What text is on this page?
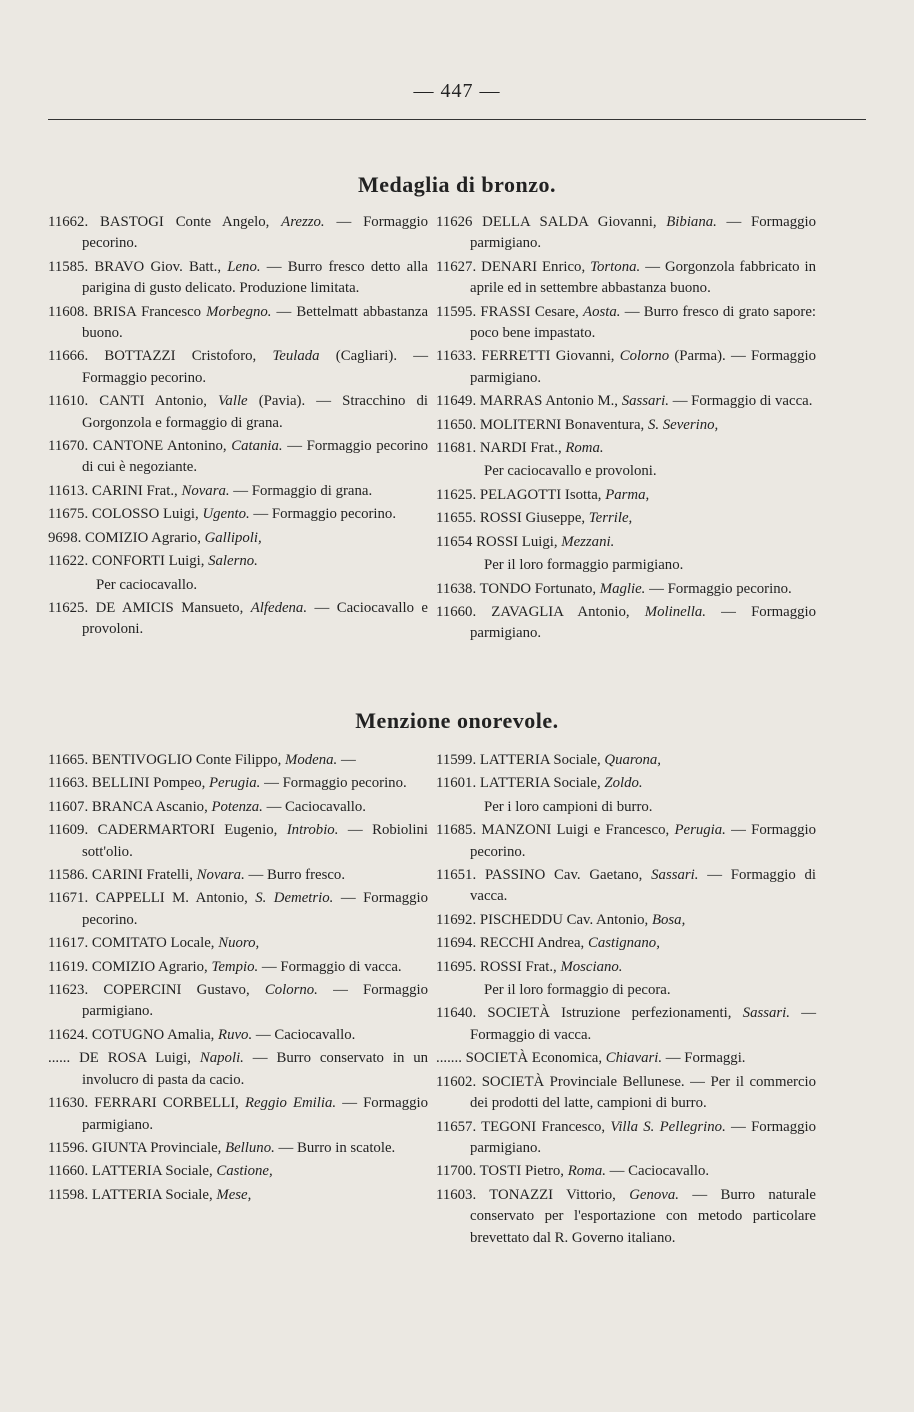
— 447 —
Medaglia di bronzo.
11662. BASTOGI Conte Angelo, Arezzo. — Formaggio pecorino.
11585. BRAVO Giov. Batt., Leno. — Burro fresco detto alla parigina di gusto delicato. Produzione limitata.
11608. BRISA Francesco Morbegno. — Bettelmatt abbastanza buono.
11666. BOTTAZZI Cristoforo, Teulada (Cagliari). — Formaggio pecorino.
11610. CANTI Antonio, Valle (Pavia). — Stracchino di Gorgonzola e formaggio di grana.
11670. CANTONE Antonino, Catania. — Formaggio pecorino di cui è negoziante.
11613. CARINI Frat., Novara. — Formaggio di grana.
11675. COLOSSO Luigi, Ugento. — Formaggio pecorino.
9698. COMIZIO Agrario, Gallipoli,
11622. CONFORTI Luigi, Salerno.
Per caciocavallo.
11625. DE AMICIS Mansueto, Alfedena. — Caciocavallo e provoloni.
11626 DELLA SALDA Giovanni, Bibiana. — Formaggio parmigiano.
11627. DENARI Enrico, Tortona. — Gorgonzola fabbricato in aprile ed in settembre abbastanza buono.
11595. FRASSI Cesare, Aosta. — Burro fresco di grato sapore: poco bene impastato.
11633. FERRETTI Giovanni, Colorno (Parma). — Formaggio parmigiano.
11649. MARRAS Antonio M., Sassari. — Formaggio di vacca.
11650. MOLITERNI Bonaventura, S. Severino,
11681. NARDI Frat., Roma.
Per caciocavallo e provoloni.
11625. PELAGOTTI Isotta, Parma,
11655. ROSSI Giuseppe, Terrile,
11654 ROSSI Luigi, Mezzani.
Per il loro formaggio parmigiano.
11638. TONDO Fortunato, Maglie. — Formaggio pecorino.
11660. ZAVAGLIA Antonio, Molinella. — Formaggio parmigiano.
Menzione onorevole.
11665. BENTIVOGLIO Conte Filippo, Modena. —
11663. BELLINI Pompeo, Perugia. — Formaggio pecorino.
11607. BRANCA Ascanio, Potenza. — Caciocavallo.
11609. CADERMARTORI Eugenio, Introbio. — Robiolini sott'olio.
11586. CARINI Fratelli, Novara. — Burro fresco.
11671. CAPPELLI M. Antonio, S. Demetrio. — Formaggio pecorino.
11617. COMITATO Locale, Nuoro,
11619. COMIZIO Agrario, Tempio. — Formaggio di vacca.
11623. COPERCINI Gustavo, Colorno. — Formaggio parmigiano.
11624. COTUGNO Amalia, Ruvo. — Caciocavallo.
...... DE ROSA Luigi, Napoli. — Burro conservato in un involucro di pasta da cacio.
11630. FERRARI CORBELLI, Reggio Emilia. — Formaggio parmigiano.
11596. GIUNTA Provinciale, Belluno. — Burro in scatole.
11660. LATTERIA Sociale, Castione,
11598. LATTERIA Sociale, Mese,
11599. LATTERIA Sociale, Quarona,
11601. LATTERIA Sociale, Zoldo.
Per i loro campioni di burro.
11685. MANZONI Luigi e Francesco, Perugia. — Formaggio pecorino.
11651. PASSINO Cav. Gaetano, Sassari. — Formaggio di vacca.
11692. PISCHEDDU Cav. Antonio, Bosa,
11694. RECCHI Andrea, Castignano,
11695. ROSSI Frat., Mosciano.
Per il loro formaggio di pecora.
11640. SOCIETÀ Istruzione perfezionamenti, Sassari. — Formaggio di vacca.
....... SOCIETÀ Economica, Chiavari. — Formaggi.
11602. SOCIETÀ Provinciale Bellunese. — Per il commercio dei prodotti del latte, campioni di burro.
11657. TEGONI Francesco, Villa S. Pellegrino. — Formaggio parmigiano.
11700. TOSTI Pietro, Roma. — Caciocavallo.
11603. TONAZZI Vittorio, Genova. — Burro naturale conservato per l'esportazione con metodo particolare brevettato dal R. Governo italiano.
